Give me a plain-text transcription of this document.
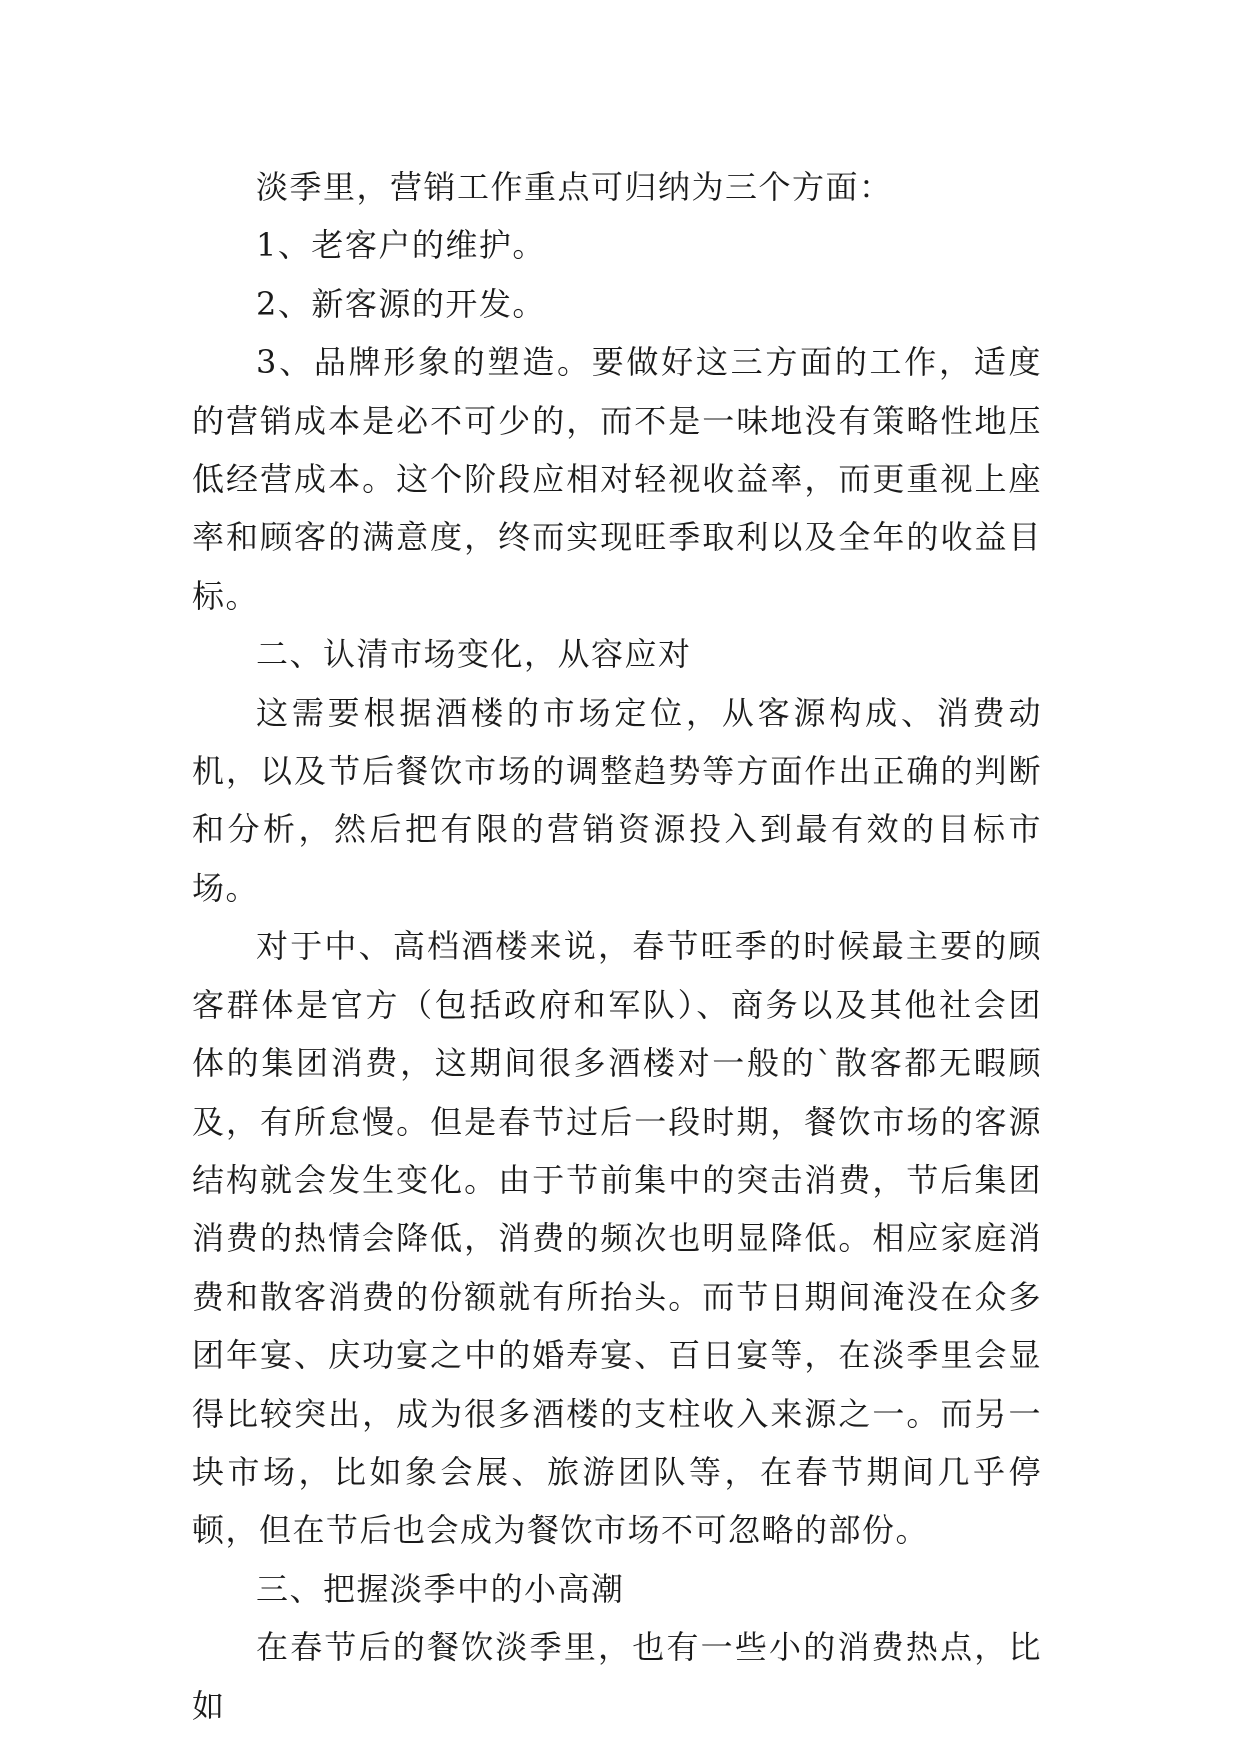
淡季里，营销工作重点可归纳为三个方面：

1、老客户的维护。

2、新客源的开发。

3、品牌形象的塑造。要做好这三方面的工作，适度的营销成本是必不可少的，而不是一味地没有策略性地压低经营成本。这个阶段应相对轻视收益率，而更重视上座率和顾客的满意度，终而实现旺季取利以及全年的收益目标。

二、认清市场变化，从容应对

这需要根据酒楼的市场定位，从客源构成、消费动机，以及节后餐饮市场的调整趋势等方面作出正确的判断和分析，然后把有限的营销资源投入到最有效的目标市场。

对于中、高档酒楼来说，春节旺季的时候最主要的顾客群体是官方（包括政府和军队）、商务以及其他社会团体的集团消费，这期间很多酒楼对一般的`散客都无暇顾及，有所怠慢。但是春节过后一段时期，餐饮市场的客源结构就会发生变化。由于节前集中的突击消费，节后集团消费的热情会降低，消费的频次也明显降低。相应家庭消费和散客消费的份额就有所抬头。而节日期间淹没在众多团年宴、庆功宴之中的婚寿宴、百日宴等，在淡季里会显得比较突出，成为很多酒楼的支柱收入来源之一。而另一块市场，比如象会展、旅游团队等，在春节期间几乎停顿，但在节后也会成为餐饮市场不可忽略的部份。

三、把握淡季中的小高潮

在春节后的餐饮淡季里，也有一些小的消费热点，比如
